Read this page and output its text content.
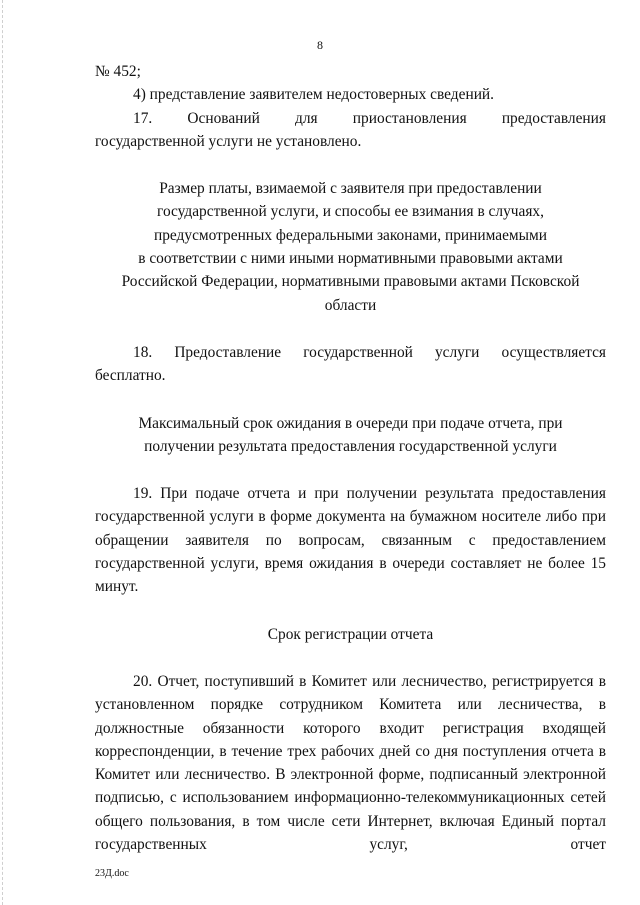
8

№ 452;

4) представление заявителем недостоверных сведений.

17. Оснований для приостановления предоставления

государственной услуги не установлено.

Размер платы, взимаемой с заявителя при предоставлении

государственной услуги, и способы ее взимания в случаях,

предусмотренных федеральными законами, принимаемыми

в соответствии с ними иными нормативными правовыми актами

Российской Федерации, нормативными правовыми актами Псковской

области

18. Предоставление государственной услуги осуществляется

бесплатно.

Максимальный срок ожидания в очереди при подаче отчета, при

получении результата предоставления государственной услуги

19. При подаче отчета и при получении результата предоставления государственной услуги в форме документа на бумажном носителе либо при обращении заявителя по вопросам, связанным с предоставлением государственной услуги, время ожидания в очереди составляет не более 15 минут.

Срок регистрации отчета

20. Отчет, поступивший в Комитет или лесничество, регистрируется в установленном порядке сотрудником Комитета или лесничества, в должностные обязанности которого входит регистрация входящей корреспонденции, в течение трех рабочих дней со дня поступления отчета в Комитет или лесничество. В электронной форме, подписанный электронной подписью, с использованием информационно-телекоммуникационных сетей общего пользования, в том числе сети Интернет, включая Единый портал государственных услуг, отчет

23Д.doc
